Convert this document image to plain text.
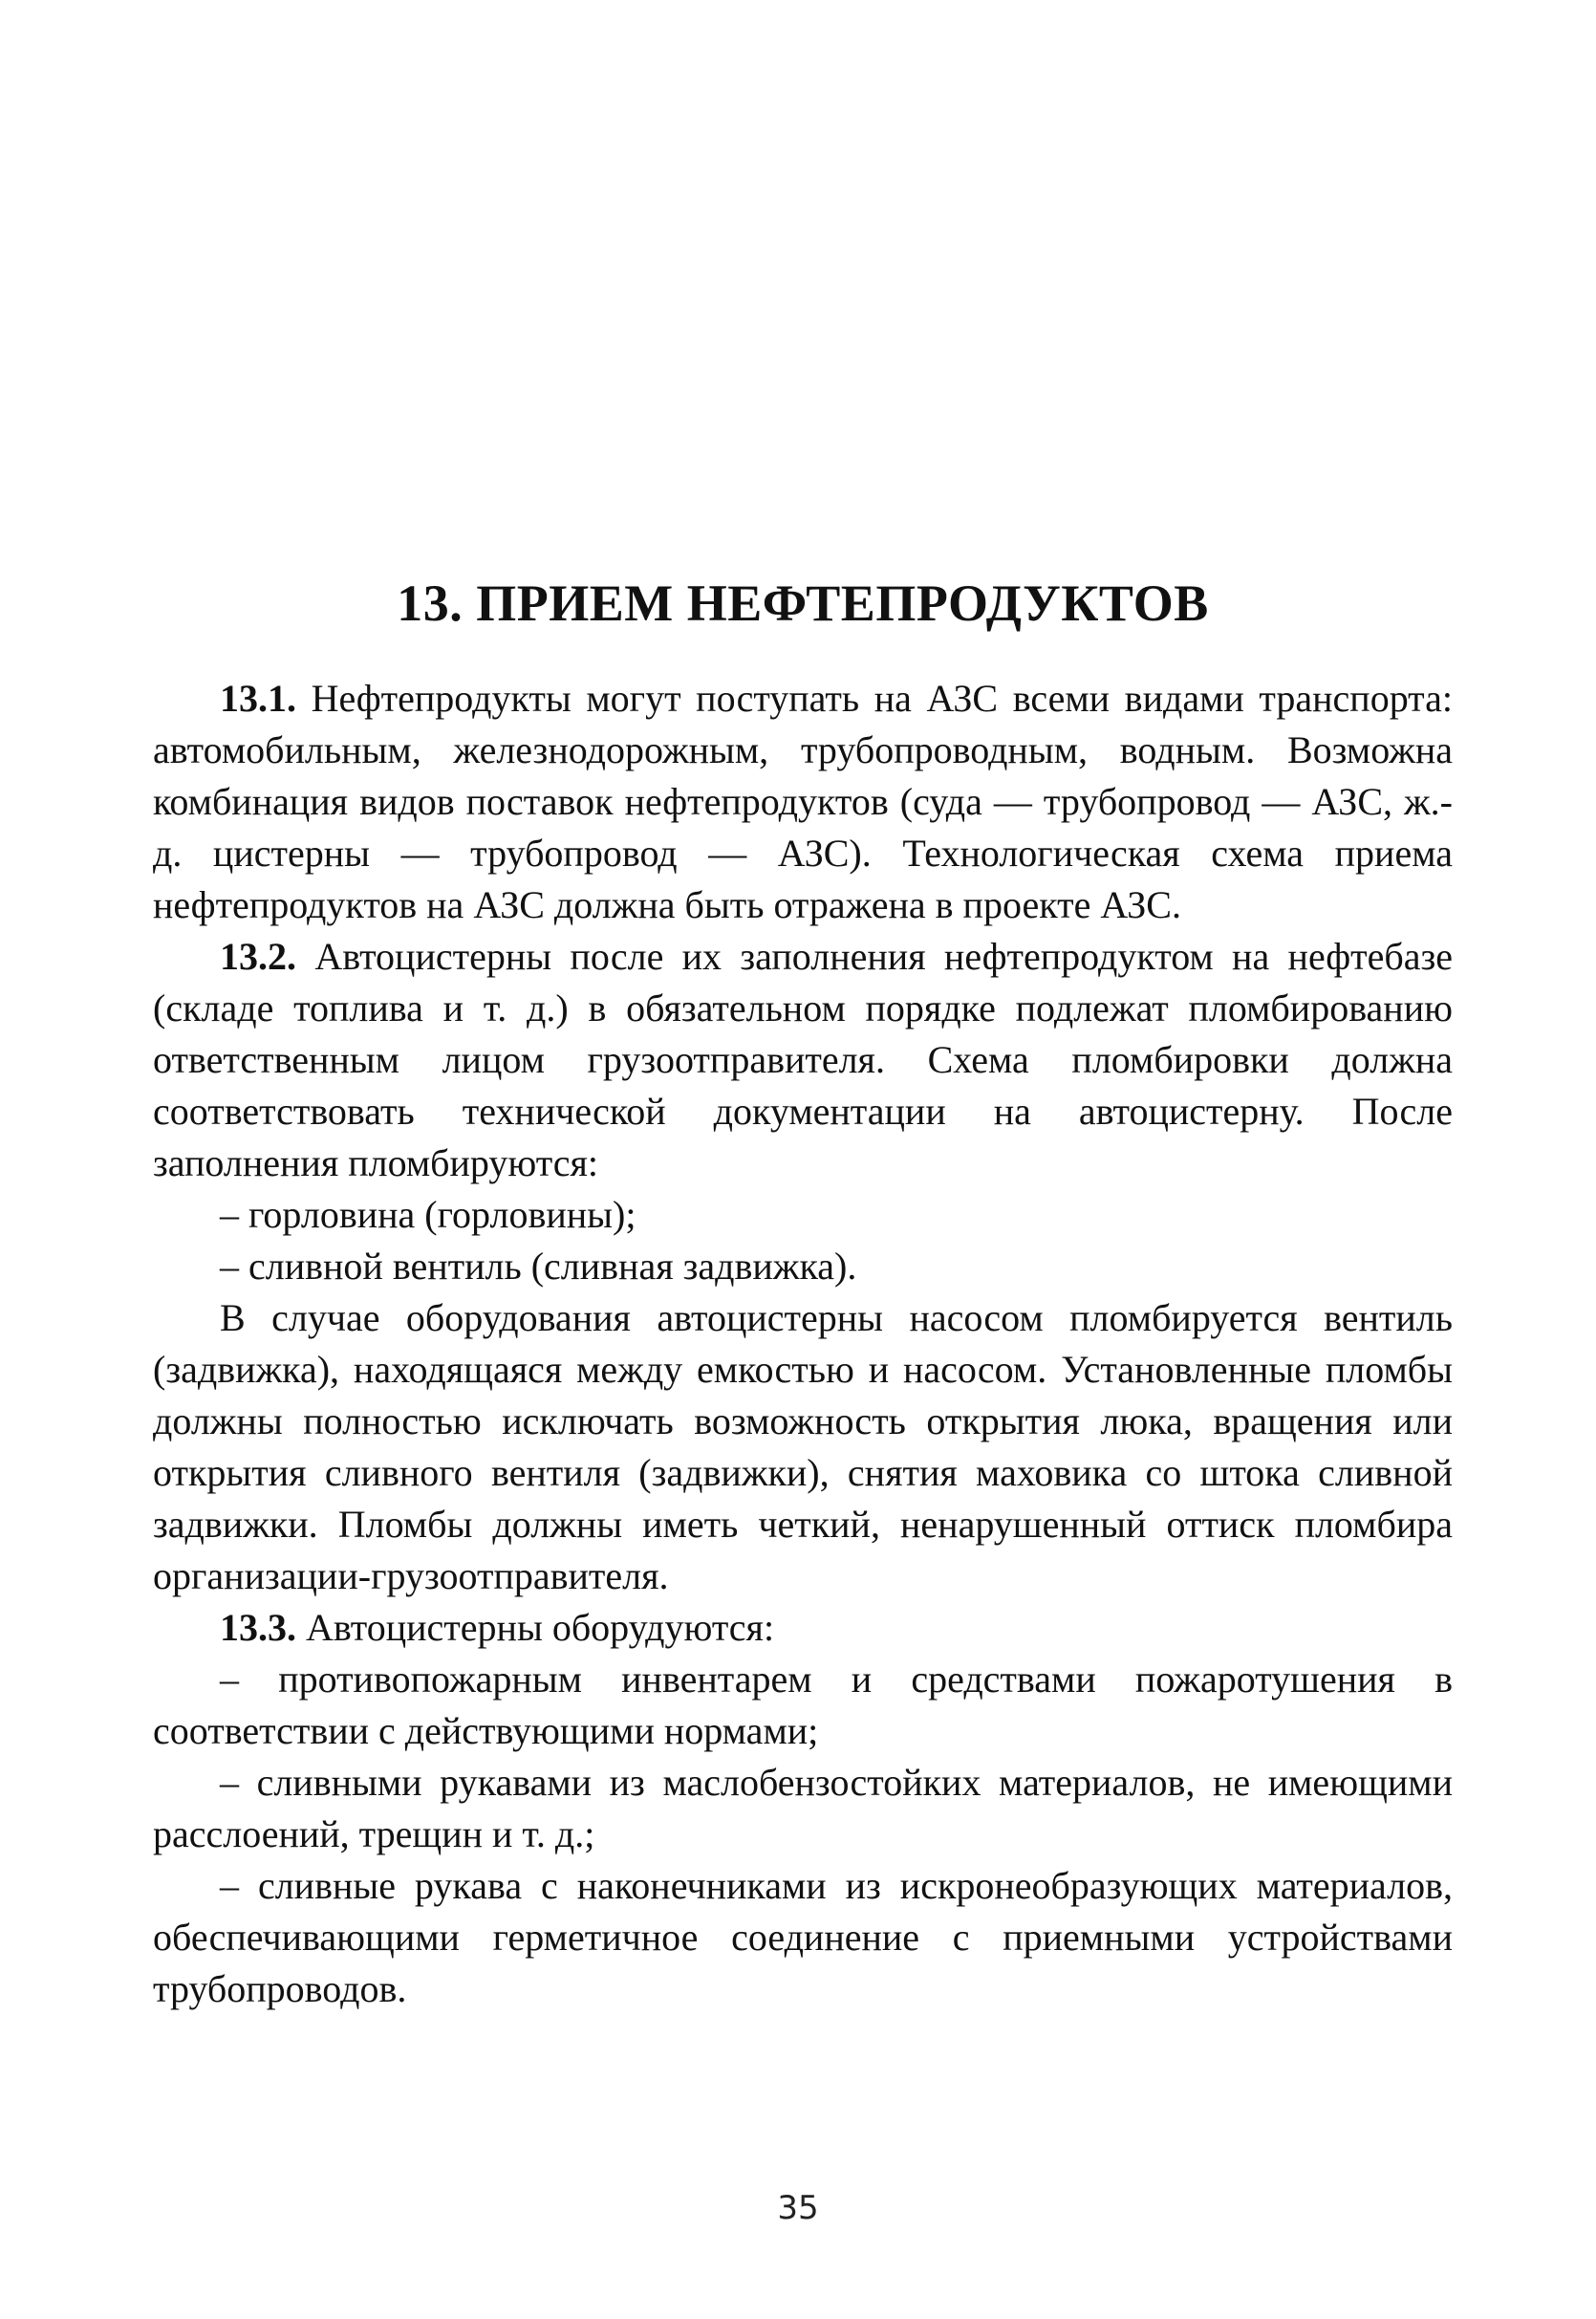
13. ПРИЕМ НЕФТЕПРОДУКТОВ

13.1. Нефтепродукты могут поступать на АЗС всеми видами транспорта: автомобильным, железнодорожным, трубопроводным, водным. Возможна комбинация видов поставок нефтепродуктов (суда — трубопровод — АЗС, ж.-д. цистерны — трубопровод — АЗС). Технологическая схема приема нефтепродуктов на АЗС должна быть отражена в проекте АЗС.

13.2. Автоцистерны после их заполнения нефтепродуктом на нефтебазе (складе топлива и т. д.) в обязательном порядке подлежат пломбированию ответственным лицом грузоотправителя. Схема пломбировки должна соответствовать технической документации на автоцистерну. После заполнения пломбируются:

– горловина (горловины);

– сливной вентиль (сливная задвижка).

В случае оборудования автоцистерны насосом пломбируется вентиль (задвижка), находящаяся между емкостью и насосом. Установленные пломбы должны полностью исключать возможность открытия люка, вращения или открытия сливного вентиля (задвижки), снятия маховика со штока сливной задвижки. Пломбы должны иметь четкий, ненарушенный оттиск пломбира организации-грузоотправителя.

13.3. Автоцистерны оборудуются:

– противопожарным инвентарем и средствами пожаротушения в соответствии с действующими нормами;

– сливными рукавами из маслобензостойких материалов, не имеющими расслоений, трещин и т. д.;

– сливные рукава с наконечниками из искронеобразующих материалов, обеспечивающими герметичное соединение с приемными устройствами трубопроводов.

35
